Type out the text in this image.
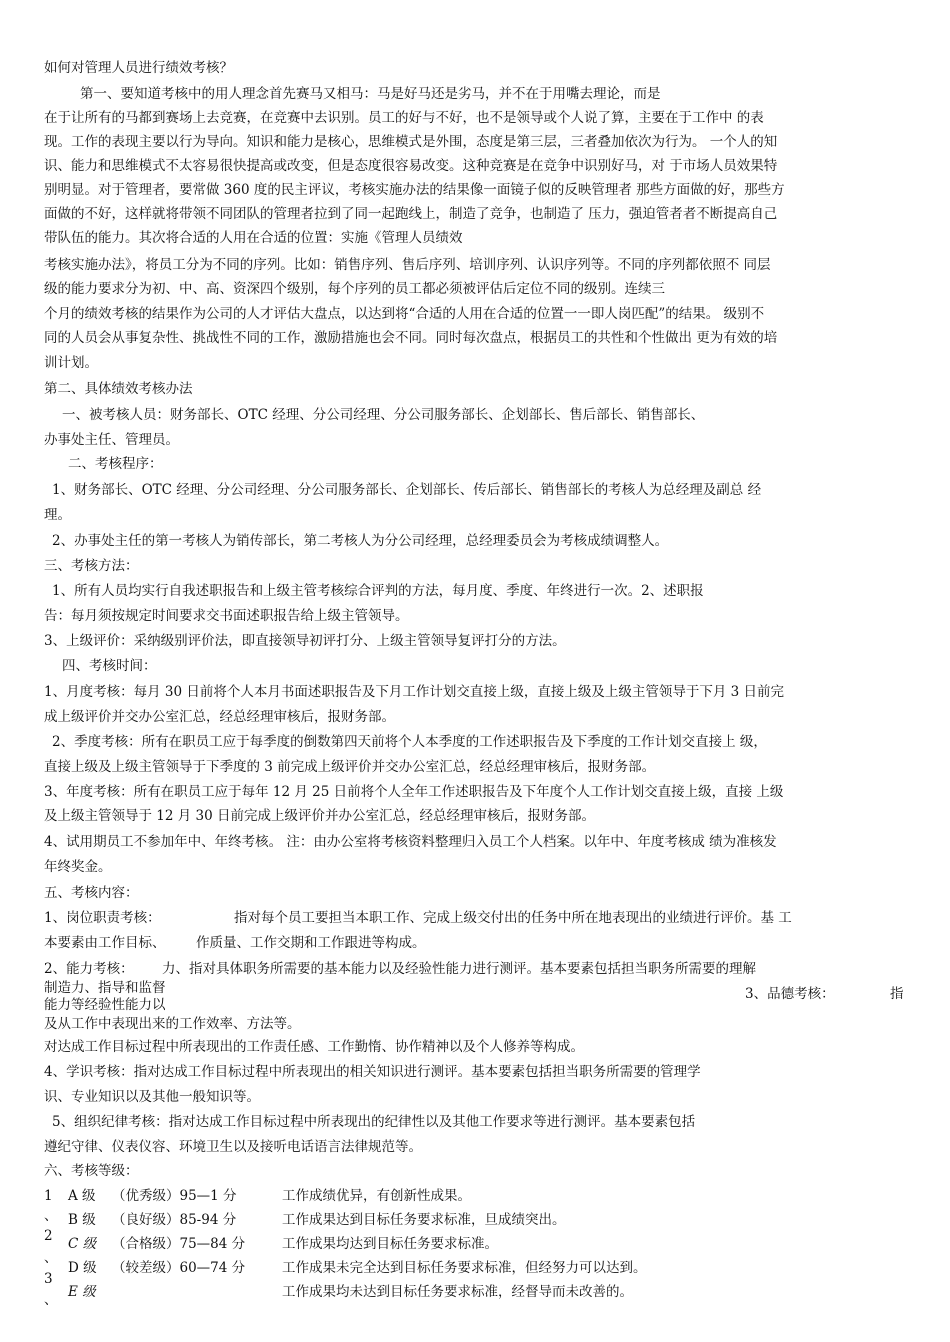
如何对管理人员进行绩效考核？
第一、要知道考核中的用人理念首先赛马又相马：马是好马还是劣马，并不在于用嘴去理论，而是
在于让所有的马都到赛场上去竞赛，在竞赛中去识别。员工的好与不好，也不是领导或个人说了算，主要在于工作中 的表
现。工作的表现主要以行为导向。知识和能力是核心，思维模式是外围，态度是第三层，三者叠加依次为行为。 一个人的知
识、能力和思维模式不太容易很快提高或改变，但是态度很容易改变。这种竞赛是在竞争中识别好马，对 于市场人员效果特
别明显。对于管理者，要常做 360 度的民主评议，考核实施办法的结果像一面镜子似的反映管理者 那些方面做的好，那些方
面做的不好，这样就将带领不同团队的管理者拉到了同一起跑线上，制造了竞争，也制造了 压力，强迫管者者不断提高自己
带队伍的能力。其次将合适的人用在合适的位置：实施《管理人员绩效
考核实施办法》，将员工分为不同的序列。比如：销售序列、售后序列、培训序列、认识序列等。不同的序列都依照不 同层
级的能力要求分为初、中、高、资深四个级别，每个序列的员工都必须被评估后定位不同的级别。连续三
个月的绩效考核的结果作为公司的人才评估大盘点，以达到将“合适的人用在合适的位置一一即人岗匹配”的结果。 级别不
同的人员会从事复杂性、挑战性不同的工作，激励措施也会不同。同时每次盘点，根据员工的共性和个性做出 更为有效的培
训计划。
第二、具体绩效考核办法
一、被考核人员：财务部长、OTC 经理、分公司经理、分公司服务部长、企划部长、售后部长、销售部长、
办事处主任、管理员。
二、考核程序：
1、财务部长、OTC 经理、分公司经理、分公司服务部长、企划部长、传后部长、销售部长的考核人为总经理及副总 经
理。
2、办事处主任的第一考核人为销传部长，第二考核人为分公司经理，总经理委员会为考核成绩调整人。
三、考核方法：
1、所有人员均实行自我述职报告和上级主管考核综合评判的方法，每月度、季度、年终进行一次。2、述职报
告：每月须按规定时间要求交书面述职报告给上级主管领导。
3、上级评价：采纳级别评价法，即直接领导初评打分、上级主管领导复评打分的方法。
四、考核时间：
1、月度考核：每月 30 日前将个人本月书面述职报告及下月工作计划交直接上级，直接上级及上级主管领导于下月 3 日前完
成上级评价并交办公室汇总，经总经理审核后，报财务部。
2、季度考核：所有在职员工应于每季度的倒数第四天前将个人本季度的工作述职报告及下季度的工作计划交直接上 级，
直接上级及上级主管领导于下季度的 3 前完成上级评价并交办公室汇总，经总经理审核后，报财务部。
3、年度考核：所有在职员工应于每年 12 月 25 日前将个人全年工作述职报告及下年度个人工作计划交直接上级，直接 上级
及上级主管领导于 12 月 30 日前完成上级评价并办公室汇总，经总经理审核后，报财务部。
4、试用期员工不参加年中、年终考核。 注：由办公室将考核资料整理归入员工个人档案。以年中、年度考核成 绩为准核发
年终奖金。
五、考核内容：
1、岗位职责考核：	指对每个员工要担当本职工作、完成上级交付出的任务中所在地表现出的业绩进行评价。基 工
本要素由工作目标、 作质量、工作交期和工作跟进等构成。
2、能力考核： 力、指对具体职务所需要的基本能力以及经验性能力进行测评。基本要素包括担当职务所需要的理解
制造力、指导和监督
能力等经验性能力以
3、品德考核：	指
及从工作中表现出来的工作效率、方法等。
对达成工作目标过程中所表现出的工作责任感、工作勤惰、协作精神以及个人修养等构成。
4、学识考核：指对达成工作目标过程中所表现出的相关知识进行测评。基本要素包括担当职务所需要的管理学
识、专业知识以及其他一般知识等。
5、组织纪律考核：指对达成工作目标过程中所表现出的纪律性以及其他工作要求等进行测评。基本要素包括
遵纪守律、仪表仪容、环境卫生以及接听电话语言法律规范等。
六、考核等级：
1
、
2
、
3
、
A 级 （优秀级）95—1 分	工作成绩优异，有创新性成果。
B 级 （良好级）85-94 分	工作成果达到目标任务要求标准，旦成绩突出。
C 级 （合格级）75—84 分	工作成果均达到目标任务要求标准。
D 级 （较差级）60—74 分	工作成果未完全达到目标任务要求标准，但经努力可以达到。
E 级	工作成果均未达到目标任务要求标准，经督导而未改善的。
